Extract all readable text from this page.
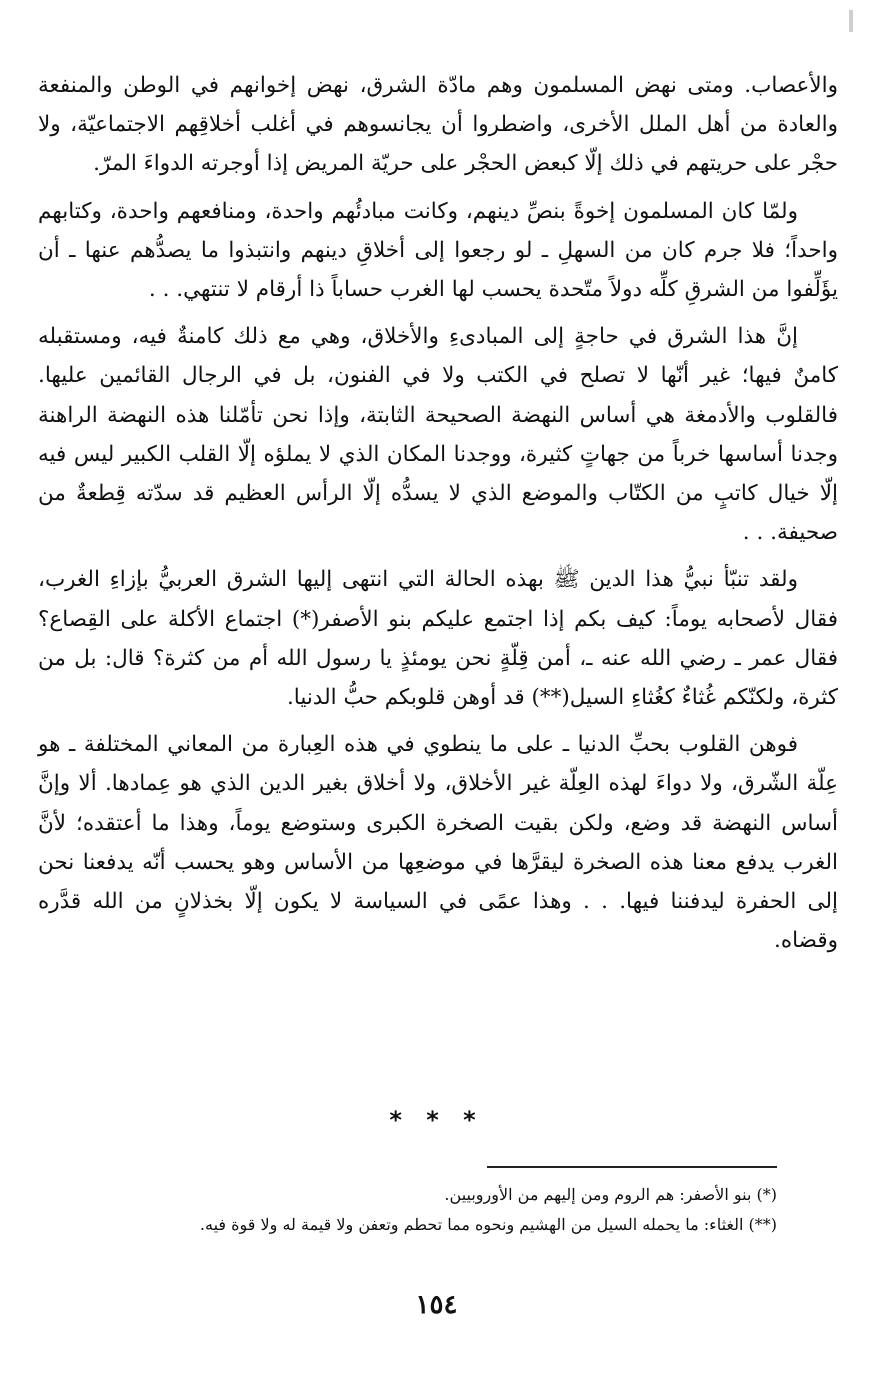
والأعصاب. ومتى نهض المسلمون وهم مادّة الشرق، نهض إخوانهم في الوطن والمنفعة والعادة من أهل الملل الأخرى، واضطروا أن يجانسوهم في أغلب أخلاقِهم الاجتماعيّة، ولا حجْر على حريتهم في ذلك إلّا كبعض الحجْر على حريّة المريض إذا أوجرته الدواءَ المرّ.

ولمّا كان المسلمون إخوةً بنصِّ دينهم، وكانت مبادئُهم واحدة، ومنافعهم واحدة، وكتابهم واحداً؛ فلا جرم كان من السهلِ ـ لو رجعوا إلى أخلاقِ دينهم وانتبذوا ما يصدُّهم عنها ـ أن يؤَلِّفوا من الشرقِ كلِّه دولاً متّحدة يحسب لها الغرب حساباً ذا أرقام لا تنتهي. . .

إنَّ هذا الشرق في حاجةٍ إلى المبادىءِ والأخلاق، وهي مع ذلك كامنةٌ فيه، ومستقبله كامنٌ فيها؛ غير أنّها لا تصلح في الكتب ولا في الفنون، بل في الرجال القائمين عليها. فالقلوب والأدمغة هي أساس النهضة الصحيحة الثابتة، وإذا نحن تأمّلنا هذه النهضة الراهنة وجدنا أساسها خرباً من جهاتٍ كثيرة، ووجدنا المكان الذي لا يملؤه إلّا القلب الكبير ليس فيه إلّا خيال كاتبٍ من الكتّاب والموضع الذي لا يسدُّه إلّا الرأس العظيم قد سدّته قِطعةٌ من صحيفة. . .

ولقد تنبّأ نبيُّ هذا الدين ﷺ بهذه الحالة التي انتهى إليها الشرق العربيُّ بإزاءِ الغرب، فقال لأصحابه يوماً: كيف بكم إذا اجتمع عليكم بنو الأصفر(*) اجتماع الأكلة على القِصاع؟ فقال عمر ـ رضي الله عنه ـ، أمن قِلّةٍ نحن يومئذٍ يا رسول الله أم من كثرة؟ قال: بل من كثرة، ولكنّكم غُثاءٌ كغُثاءِ السيل(**) قد أوهن قلوبكم حبُّ الدنيا.

فوهن القلوب بحبِّ الدنيا ـ على ما ينطوي في هذه العِبارة من المعاني المختلفة ـ هو عِلّة الشّرق، ولا دواءَ لهذه العِلّة غير الأخلاق، ولا أخلاق بغير الدين الذي هو عِمادها. ألا وإنَّ أساس النهضة قد وضع، ولكن بقيت الصخرة الكبرى وستوضع يوماً، وهذا ما أعتقده؛ لأنَّ الغرب يدفع معنا هذه الصخرة ليقرَّها في موضعِها من الأساس وهو يحسب أنّه يدفعنا نحن إلى الحفرة ليدفننا فيها. . . وهذا عمًى في السياسة لا يكون إلّا بخذلانٍ من الله قدَّره وقضاه.

* * *

(*) بنو الأصفر: هم الروم ومن إليهم من الأوروبيين.

(**) الغثاء: ما يحمله السيل من الهشيم ونحوه مما تحطم وتعفن ولا قيمة له ولا قوة فيه.

١٥٤
